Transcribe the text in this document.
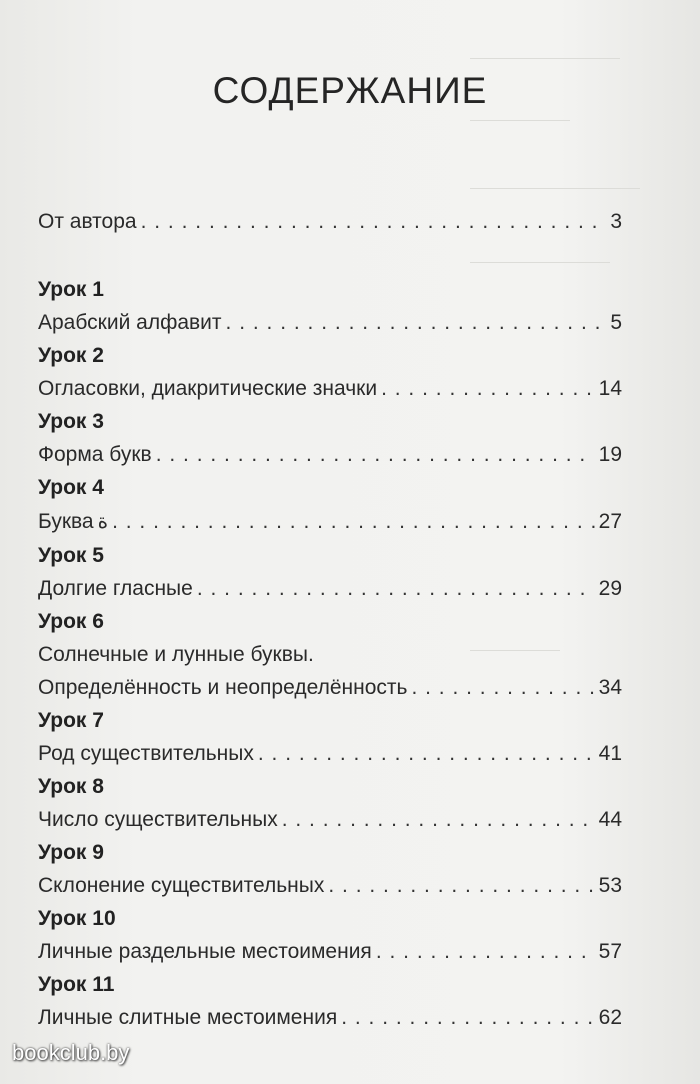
СОДЕРЖАНИЕ
От автора . . .	3
Урок 1
Арабский алфавит . . .	5
Урок 2
Огласовки, диакритические значки . . .	14
Урок 3
Форма букв . . .	19
Урок 4
Буква ة . . .	27
Урок 5
Долгие гласные . . .	29
Урок 6
Солнечные и лунные буквы.
Определённость и неопределённость . . .	34
Урок 7
Род существительных . . .	41
Урок 8
Число существительных . . .	44
Урок 9
Склонение существительных . . .	53
Урок 10
Личные раздельные местоимения . . .	57
Урок 11
Личные слитные местоимения . . .	62
bookclub.by
